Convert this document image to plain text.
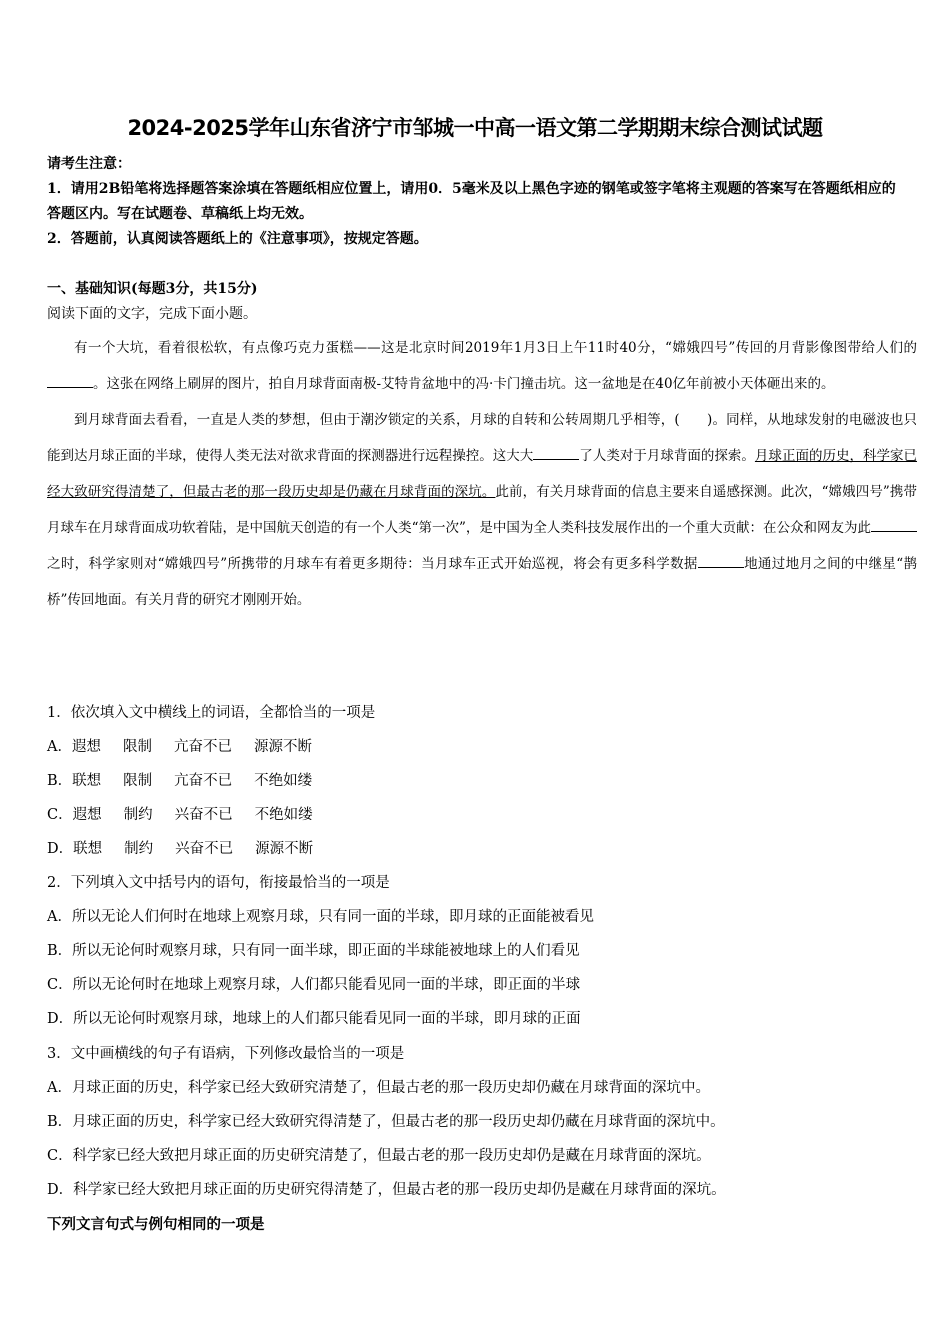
2024-2025学年山东省济宁市邹城一中高一语文第二学期期末综合测试试题

请考生注意：

1．请用2B铅笔将选择题答案涂填在答题纸相应位置上，请用0．5毫米及以上黑色字迹的钢笔或签字笔将主观题的答案写在答题纸相应的答题区内。写在试题卷、草稿纸上均无效。

2．答题前，认真阅读答题纸上的《注意事项》，按规定答题。

一、基础知识(每题3分，共15分)
阅读下面的文字，完成下面小题。

有一个大坑，看着很松软，有点像巧克力蛋糕——这是北京时间2019年1月3日上午11时40分，“嫦娥四号”传回的月背影像图带给人们的。这张在网络上刷屏的图片，拍自月球背面南极-艾特肯盆地中的冯·卡门撞击坑。这一盆地是在40亿年前被小天体砸出来的。

到月球背面去看看，一直是人类的梦想，但由于潮汐锁定的关系，月球的自转和公转周期几乎相等，(　　)。同样，从地球发射的电磁波也只能到达月球正面的半球，使得人类无法对欲求背面的探测器进行远程操控。这大大	了人类对于月球背面的探索。月球正面的历史，科学家已经大致研究得清楚了，但最古老的那一段历史却是仍藏在月球背面的深坑。此前，有关月球背面的信息主要来自遥感探测。此次，“嫦娥四号”携带月球车在月球背面成功软着陆，是中国航天创造的有一个人类“第一次”，是中国为全人类科技发展作出的一个重大贡献：在公众和网友为此之时，科学家则对“嫦娥四号”所携带的月球车有着更多期待：当月球车正式开始巡视，将会有更多科学数据	地通过地月之间的中继星“鹊桥”传回地面。有关月背的研究才刚刚开始。

1．依次填入文中横线上的词语，全都恰当的一项是
A．遐想 限制 亢奋不已 源源不断
B．联想 限制 亢奋不已 不绝如缕
C．遐想 制约 兴奋不已 不绝如缕
D．联想 制约 兴奋不已 源源不断
2．下列填入文中括号内的语句，衔接最恰当的一项是
A．所以无论人们何时在地球上观察月球，只有同一面的半球，即月球的正面能被看见
B．所以无论何时观察月球，只有同一面半球，即正面的半球能被地球上的人们看见
C．所以无论何时在地球上观察月球，人们都只能看见同一面的半球，即正面的半球
D．所以无论何时观察月球，地球上的人们都只能看见同一面的半球，即月球的正面
3．文中画横线的句子有语病，下列修改最恰当的一项是
A．月球正面的历史，科学家已经大致研究清楚了，但最古老的那一段历史却仍藏在月球背面的深坑中。
B．月球正面的历史，科学家已经大致研究得清楚了，但最古老的那一段历史却仍藏在月球背面的深坑中。
C．科学家已经大致把月球正面的历史研究清楚了，但最古老的那一段历史却仍是藏在月球背面的深坑。
D．科学家已经大致把月球正面的历史研究得清楚了，但最古老的那一段历史却仍是藏在月球背面的深坑。
下列文言句式与例句相同的一项是
